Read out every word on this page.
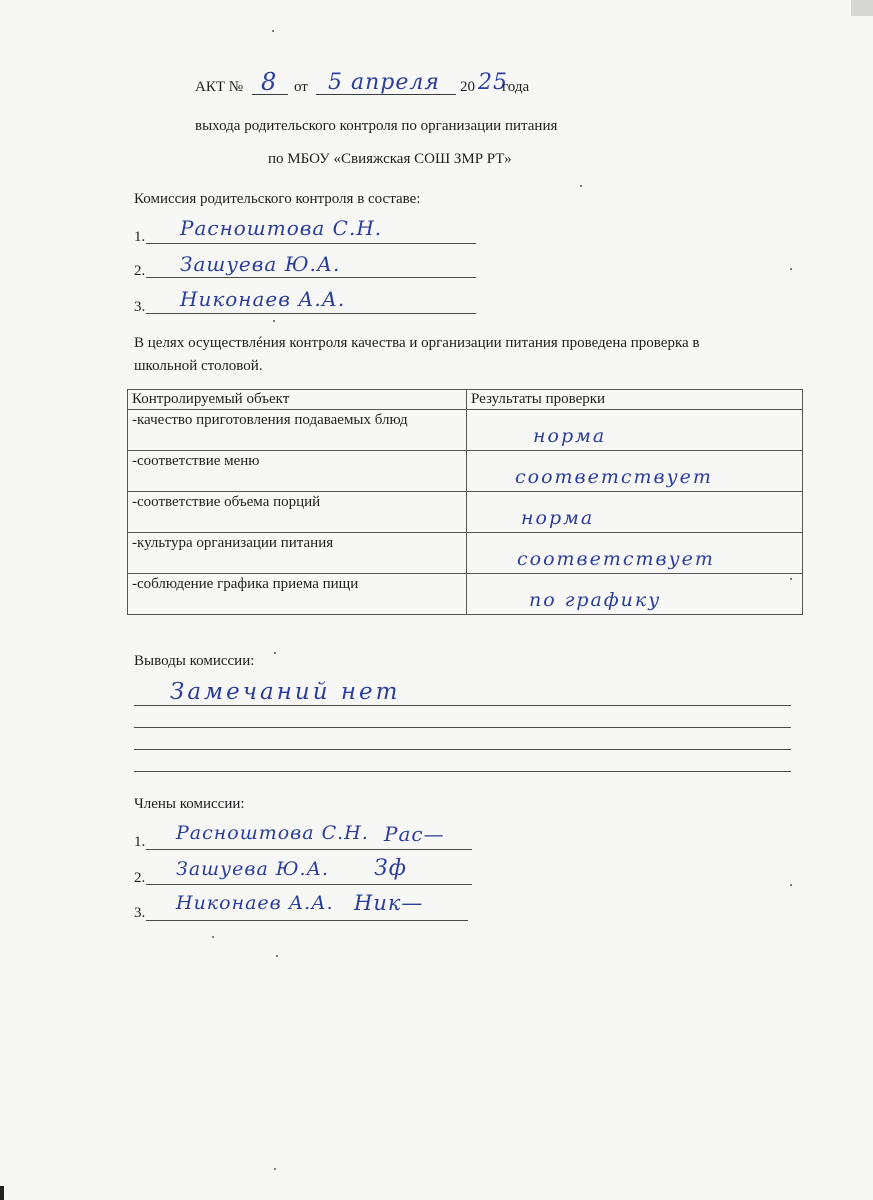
АКТ № 8 от 5 апреля 20 25
года
выхода родительского контроля по организации питания
по МБОУ «Свияжская СОШ ЗМР РТ»
Комиссия родительского контроля в составе:
1. Расноштова С.Н.
2. Зашуева Ю.А.
3. Никонаев А.А.
В целях осуществлéния контроля качества и организации питания проведена проверка в
школьной столовой.
Контролируемый объект	Результаты проверки
-качество приготовления подаваемых блюд	норма

-соответствие меню	соответствует

-соответствие объема порций	норма

-культура организации питания	соответствует

-соблюдение графика приема пищи	по графику
Выводы комиссии:
Замечаний нет
Члены комиссии:
1. Расноштова С.Н. Рас—
2. Зашуева Ю.А. Зф
3. Никонаев А.А. Ник—
